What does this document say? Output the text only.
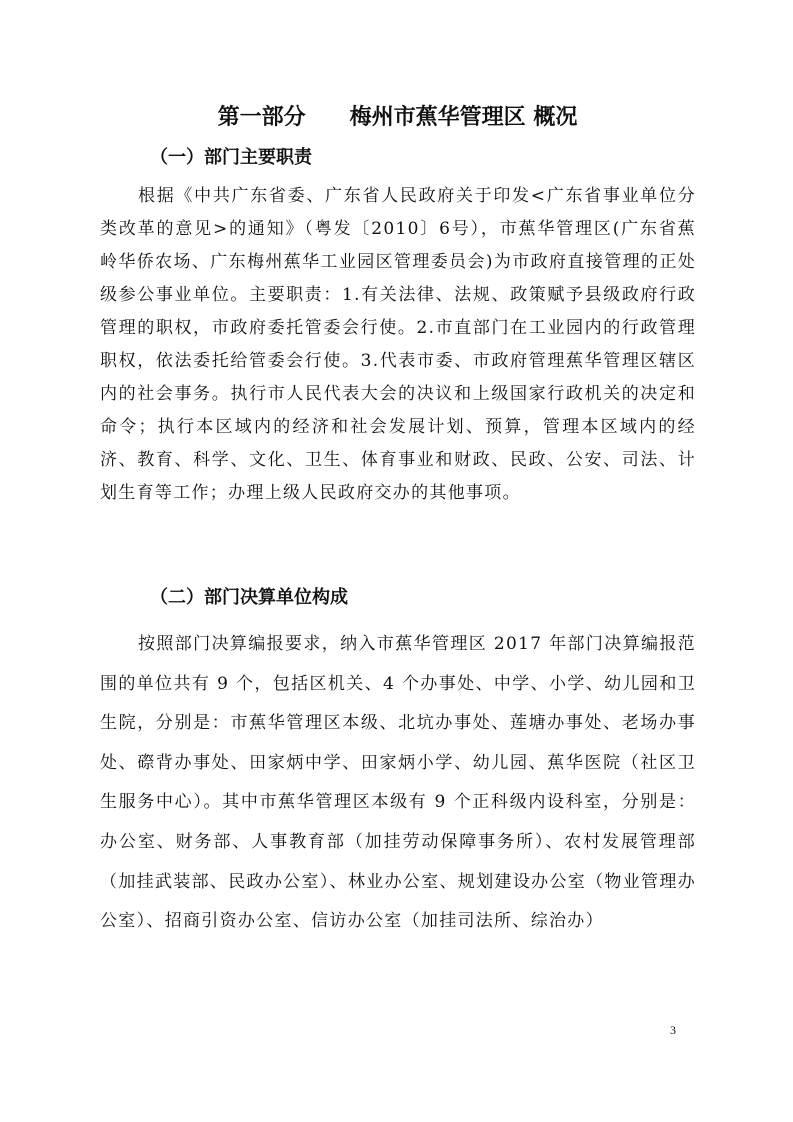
第一部分　　梅州市蕉华管理区 概况
（一）部门主要职责

根据《中共广东省委、广东省人民政府关于印发<广东省事业单位分类改革的意见>的通知》（粤发〔2010〕6号），市蕉华管理区(广东省蕉岭华侨农场、广东梅州蕉华工业园区管理委员会)为市政府直接管理的正处级参公事业单位。主要职责：1.有关法律、法规、政策赋予县级政府行政管理的职权，市政府委托管委会行使。2.市直部门在工业园内的行政管理职权，依法委托给管委会行使。3.代表市委、市政府管理蕉华管理区辖区内的社会事务。执行市人民代表大会的决议和上级国家行政机关的决定和命令；执行本区域内的经济和社会发展计划、预算，管理本区域内的经济、教育、科学、文化、卫生、体育事业和财政、民政、公安、司法、计划生育等工作；办理上级人民政府交办的其他事项。

（二）部门决算单位构成

按照部门决算编报要求，纳入市蕉华管理区 2017 年部门决算编报范围的单位共有 9 个，包括区机关、4 个办事处、中学、小学、幼儿园和卫生院，分别是：市蕉华管理区本级、北坑办事处、莲塘办事处、老场办事处、磜背办事处、田家炳中学、田家炳小学、幼儿园、蕉华医院（社区卫生服务中心）。其中市蕉华管理区本级有 9 个正科级内设科室，分别是：办公室、财务部、人事教育部（加挂劳动保障事务所）、农村发展管理部（加挂武装部、民政办公室）、林业办公室、规划建设办公室（物业管理办公室）、招商引资办公室、信访办公室（加挂司法所、综治办）

3
